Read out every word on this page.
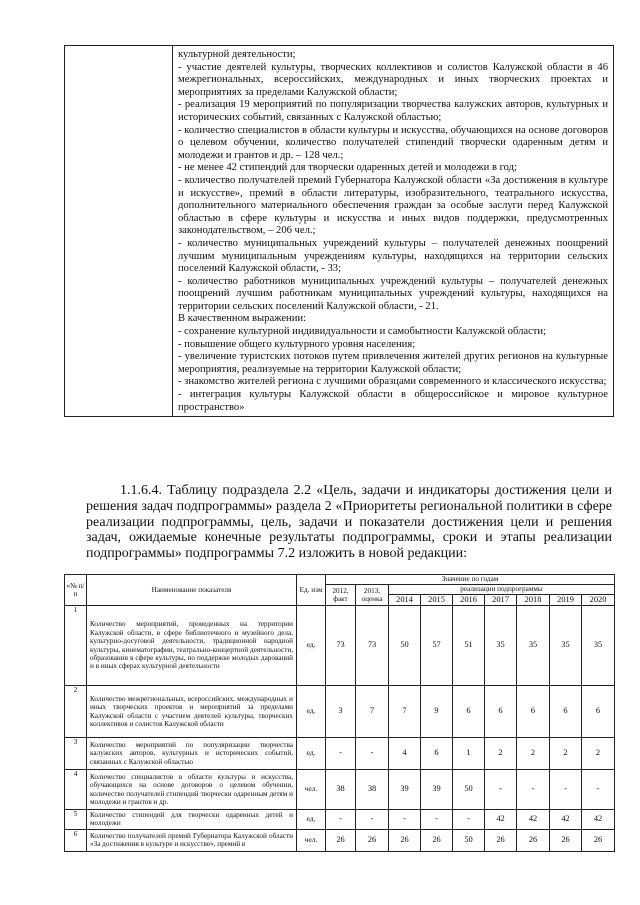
культурной деятельности;
- участие деятелей культуры, творческих коллективов и солистов Калужской области в 46 межрегиональных, всероссийских, международных и иных творческих проектах и мероприятиях за пределами Калужской области;
- реализация 19 мероприятий по популяризации творчества калужских авторов, культурных и исторических событий, связанных с Калужской областью;
- количество специалистов в области культуры и искусства, обучающихся на основе договоров о целевом обучении, количество получателей стипендий творчески одаренным детям и молодежи и грантов и др. – 128 чел.;
- не менее 42 стипендий для творчески одаренных детей и молодежи в год;
- количество получателей премий Губернатора Калужской области «За достижения в культуре и искусстве», премий в области литературы, изобразительного, театрального искусства, дополнительного материального обеспечения граждан за особые заслуги перед Калужской областью в сфере культуры и искусства и иных видов поддержки, предусмотренных законодательством, – 206 чел.;
- количество муниципальных учреждений культуры – получателей денежных поощрений лучшим муниципальным учреждениям культуры, находящихся на территории сельских поселений Калужской области, - 33;
- количество работников муниципальных учреждений культуры – получателей денежных поощрений лучшим работникам муниципальных учреждений культуры, находящихся на территории сельских поселений Калужской области, - 21.
В качественном выражении:
- сохранение культурной индивидуальности и самобытности Калужской области;
- повышение общего культурного уровня населения;
- увеличение туристских потоков путем привлечения жителей других регионов на культурные мероприятия, реализуемые на территории Калужской области;
- знакомство жителей региона с лучшими образцами современного и классического искусства;
- интеграция культуры Калужской области в общероссийское и мировое культурное пространство»
1.1.6.4. Таблицу подраздела 2.2 «Цель, задачи и индикаторы достижения цели и решения задач подпрограммы» раздела 2 «Приоритеты региональной политики в сфере реализации подпрограммы, цель, задачи и показатели достижения цели и решения задач, ожидаемые конечные результаты подпрограммы, сроки и этапы реализации подпрограммы» подпрограммы 7.2 изложить в новой редакции:
«№ п/п	Наименование показателя	Ед. изм	Значение по годам								
			2012, факт	2013, оценка	реализации подпрограммы						
					2014	2015	2016	2017	2018	2019	2020
1	Количество мероприятий, проведенных на территории Калужской области, в сфере библиотечного и музейного дела, культурно-досуговой деятельности, традиционной народной культуры, кинематографии, театрально-концертной деятельности, образования в сфере культуры, по поддержке молодых дарований и в иных сферах культурной деятельности	ед.	73	73	50	57	51	35	35	35	35
2	Количество межрегиональных, всероссийских, международных и иных творческих проектов и мероприятий за пределами Калужской области с участием деятелей культуры, творческих коллективов и солистов Калужской области	ед.	3	7	7	9	6	6	6	6	6
3	Количество мероприятий по популяризации творчества калужских авторов, культурных и исторических событий, связанных с Калужской областью	ед.	-	-	4	6	1	2	2	2	2
4	Количество специалистов в области культуры и искусства, обучающихся на основе договоров о целевом обучении, количество получателей стипендий творчески одаренным детям и молодежи и грантов и др.	чел.	38	38	39	39	50	-	-	-	-
5	Количество стипендий для творчески одаренных детей и молодежи	ед.	-	-	-	-	-	42	42	42	42
6	Количество получателей премий Губернатора Калужской области «За достижения в культуре и искусстве», премий в	чел.	26	26	26	26	50	26	26	26	26
